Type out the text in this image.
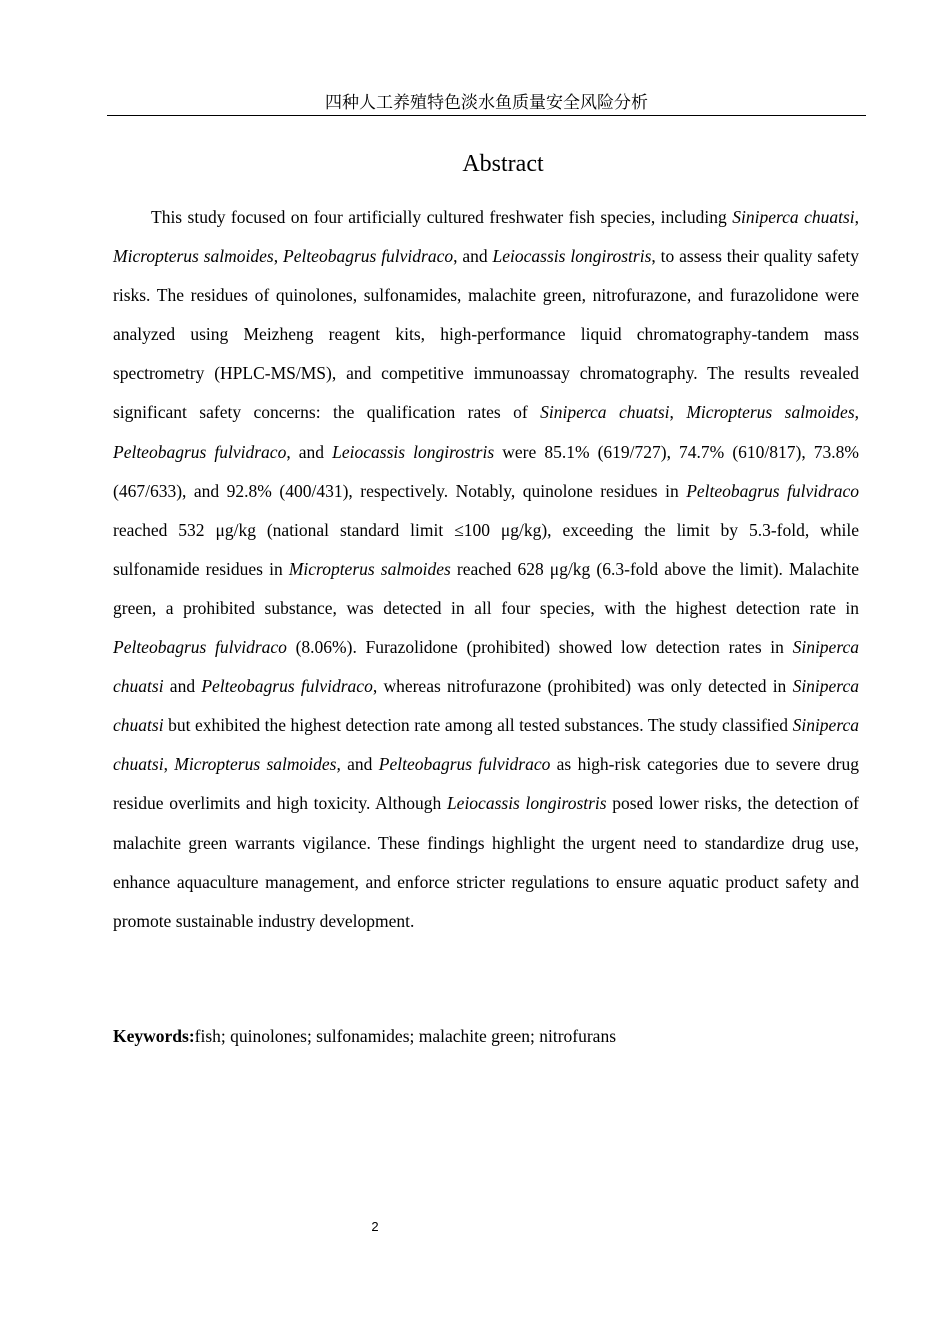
四种人工养殖特色淡水鱼质量安全风险分析
Abstract

This study focused on four artificially cultured freshwater fish species, including Siniperca chuatsi, Micropterus salmoides, Pelteobagrus fulvidraco, and Leiocassis longirostris, to assess their quality safety risks. The residues of quinolones, sulfonamides, malachite green, nitrofurazone, and furazolidone were analyzed using Meizheng reagent kits, high-performance liquid chromatography-tandem mass spectrometry (HPLC-MS/MS), and competitive immunoassay chromatography. The results revealed significant safety concerns: the qualification rates of Siniperca chuatsi, Micropterus salmoides, Pelteobagrus fulvidraco, and Leiocassis longirostris were 85.1% (619/727), 74.7% (610/817), 73.8% (467/633), and 92.8% (400/431), respectively. Notably, quinolone residues in Pelteobagrus fulvidraco reached 532 μg/kg (national standard limit ≤100 μg/kg), exceeding the limit by 5.3-fold, while sulfonamide residues in Micropterus salmoides reached 628 μg/kg (6.3-fold above the limit). Malachite green, a prohibited substance, was detected in all four species, with the highest detection rate in Pelteobagrus fulvidraco (8.06%). Furazolidone (prohibited) showed low detection rates in Siniperca chuatsi and Pelteobagrus fulvidraco, whereas nitrofurazone (prohibited) was only detected in Siniperca chuatsi but exhibited the highest detection rate among all tested substances. The study classified Siniperca chuatsi, Micropterus salmoides, and Pelteobagrus fulvidraco as high-risk categories due to severe drug residue overlimits and high toxicity. Although Leiocassis longirostris posed lower risks, the detection of malachite green warrants vigilance. These findings highlight the urgent need to standardize drug use, enhance aquaculture management, and enforce stricter regulations to ensure aquatic product safety and promote sustainable industry development.

Keywords:fish; quinolones; sulfonamides; malachite green; nitrofurans
2
